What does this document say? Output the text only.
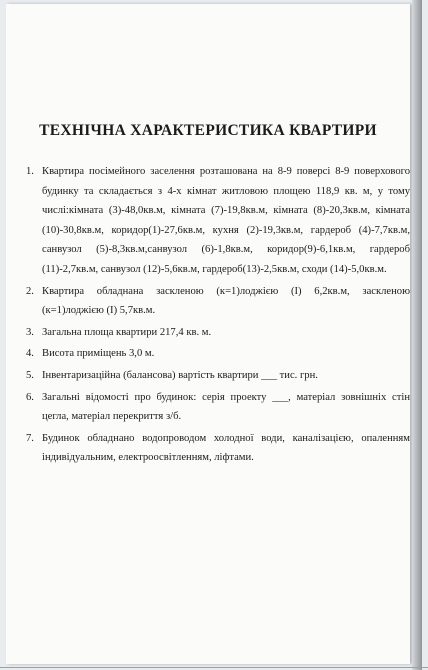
ТЕХНІЧНА ХАРАКТЕРИСТИКА КВАРТИРИ
1. Квартира посімейного заселення розташована на 8-9 поверсі 8-9 поверхового будинку та складається з 4-х кімнат житловою площею 118,9 кв. м, у тому числі:кімната (3)-48,0кв.м, кімната (7)-19,8кв.м, кімната (8)-20,3кв.м, кімната (10)-30,8кв.м, коридор(1)-27,6кв.м, кухня (2)-19,3кв.м, гардероб (4)-7,7кв.м, санвузол (5)-8,3кв.м,санвузол (6)-1,8кв.м, коридор(9)-6,1кв.м, гардероб (11)-2,7кв.м, санвузол (12)-5,6кв.м, гардероб(13)-2,5кв.м, сходи (14)-5,0кв.м.
2. Квартира обладнана заскленою (к=1)лоджією (І) 6,2кв.м, заскленою (к=1)лоджією (І) 5,7кв.м.
3. Загальна площа квартири 217,4 кв. м.
4. Висота приміщень 3,0 м.
5. Інвентаризаційна (балансова) вартість квартири ___ тис. грн.
6. Загальні відомості про будинок: серія проекту ___, матеріал зовнішніх стін цегла, матеріал перекриття з/б.
7. Будинок обладнано водопроводом холодної води, каналізацією, опаленням індивідуальним, електроосвітленням, ліфтами.
